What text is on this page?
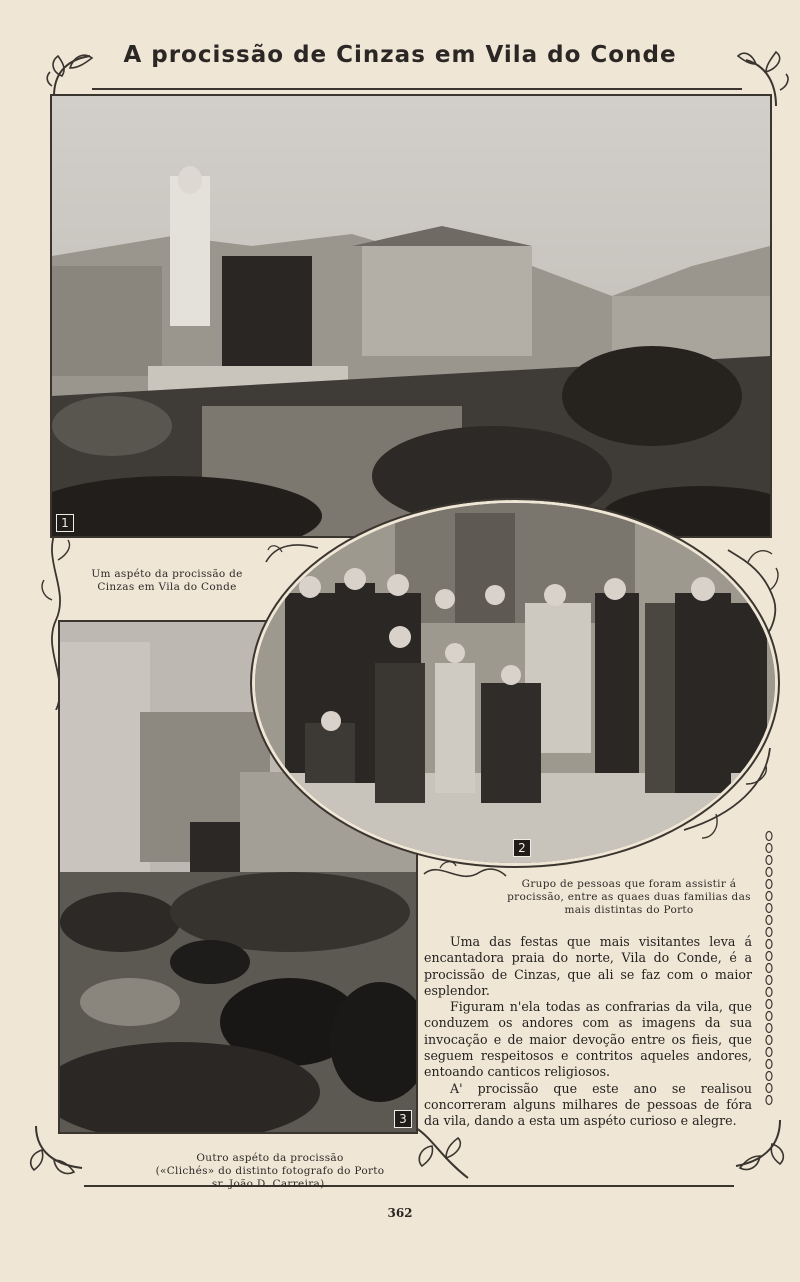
A procissão de Cinzas em Vila do Conde
1
Um aspéto da procissão de Cinzas em Vila do Conde
3
Outro aspéto da procissão
(«Clichés» do distinto fotografo do Porto
sr. João D. Carreira).
2
Grupo de pessoas que foram assistir á procissão, entre as quaes duas familias das mais distintas do Porto

Uma das festas que mais visitantes leva á encantadora praia do norte, Vila do Conde, é a procissão de Cinzas, que ali se faz com o maior esplendor.

Figuram n'ela todas as confrarias da vila, que conduzem os andores com as imagens da sua invocação e de maior devoção entre os fieis, que seguem respeitosos e contritos aqueles andores, entoando canticos religiosos.

A' procissão que este ano se realisou concorreram alguns milhares de pessoas de fóra da vila, dando a esta um aspéto curioso e alegre.

362
